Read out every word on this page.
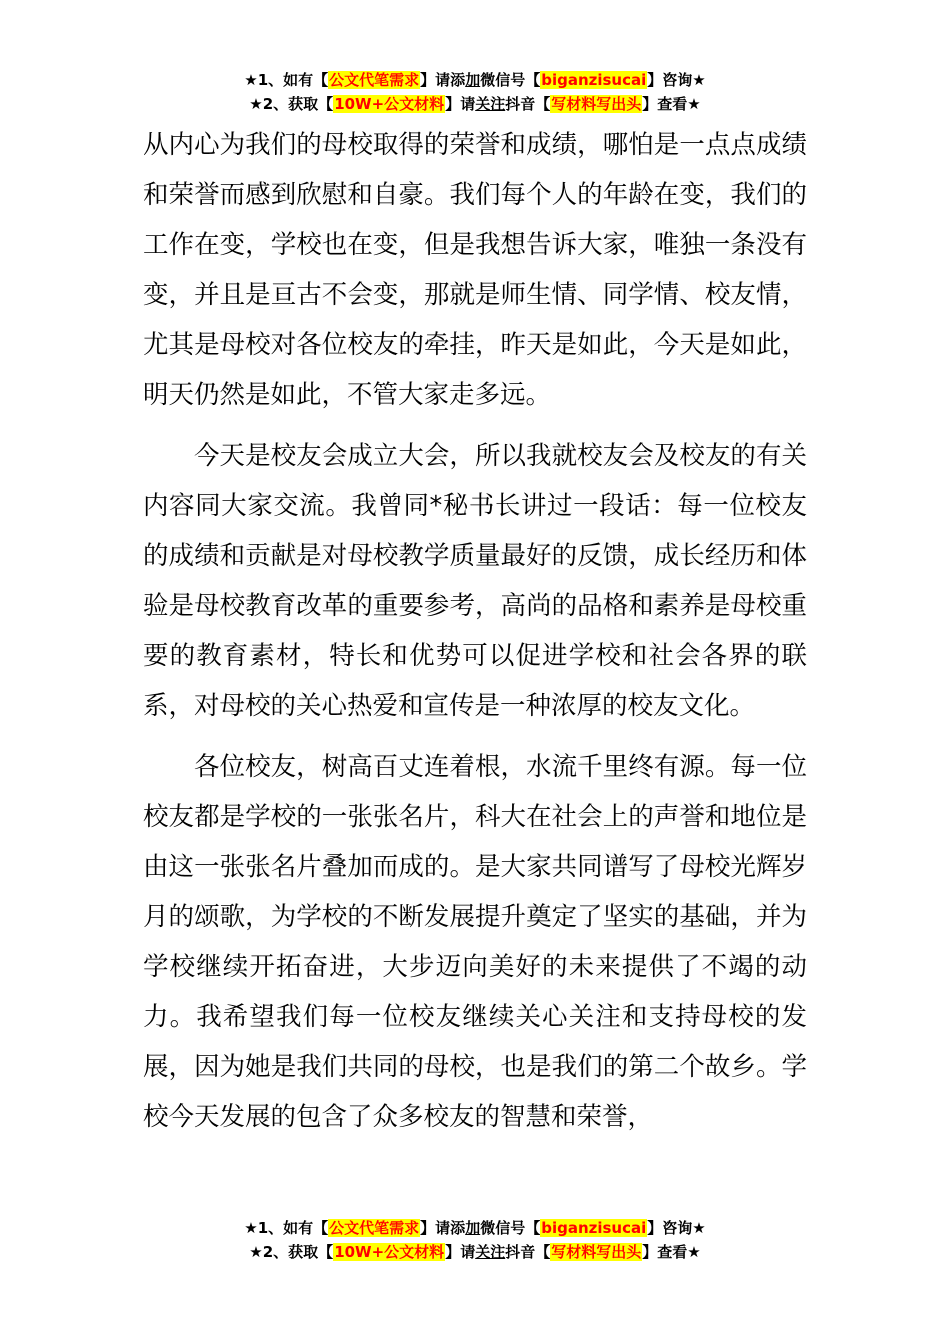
★1、如有【公文代笔需求】请添加微信号【biganzisucai】咨询★
★2、获取【10W+公文材料】请关注抖音【写材料写出头】查看★

从内心为我们的母校取得的荣誉和成绩，哪怕是一点点成绩和荣誉而感到欣慰和自豪。我们每个人的年龄在变，我们的工作在变，学校也在变，但是我想告诉大家，唯独一条没有变，并且是亘古不会变，那就是师生情、同学情、校友情，尤其是母校对各位校友的牵挂，昨天是如此，今天是如此，明天仍然是如此，不管大家走多远。

今天是校友会成立大会，所以我就校友会及校友的有关内容同大家交流。我曾同*秘书长讲过一段话：每一位校友的成绩和贡献是对母校教学质量最好的反馈，成长经历和体验是母校教育改革的重要参考，高尚的品格和素养是母校重要的教育素材，特长和优势可以促进学校和社会各界的联系，对母校的关心热爱和宣传是一种浓厚的校友文化。

各位校友，树高百丈连着根，水流千里终有源。每一位校友都是学校的一张张名片，科大在社会上的声誉和地位是由这一张张名片叠加而成的。是大家共同谱写了母校光辉岁月的颂歌，为学校的不断发展提升奠定了坚实的基础，并为学校继续开拓奋进，大步迈向美好的未来提供了不竭的动力。我希望我们每一位校友继续关心关注和支持母校的发展，因为她是我们共同的母校，也是我们的第二个故乡。学校今天发展的包含了众多校友的智慧和荣誉，

★1、如有【公文代笔需求】请添加微信号【biganzisucai】咨询★
★2、获取【10W+公文材料】请关注抖音【写材料写出头】查看★
